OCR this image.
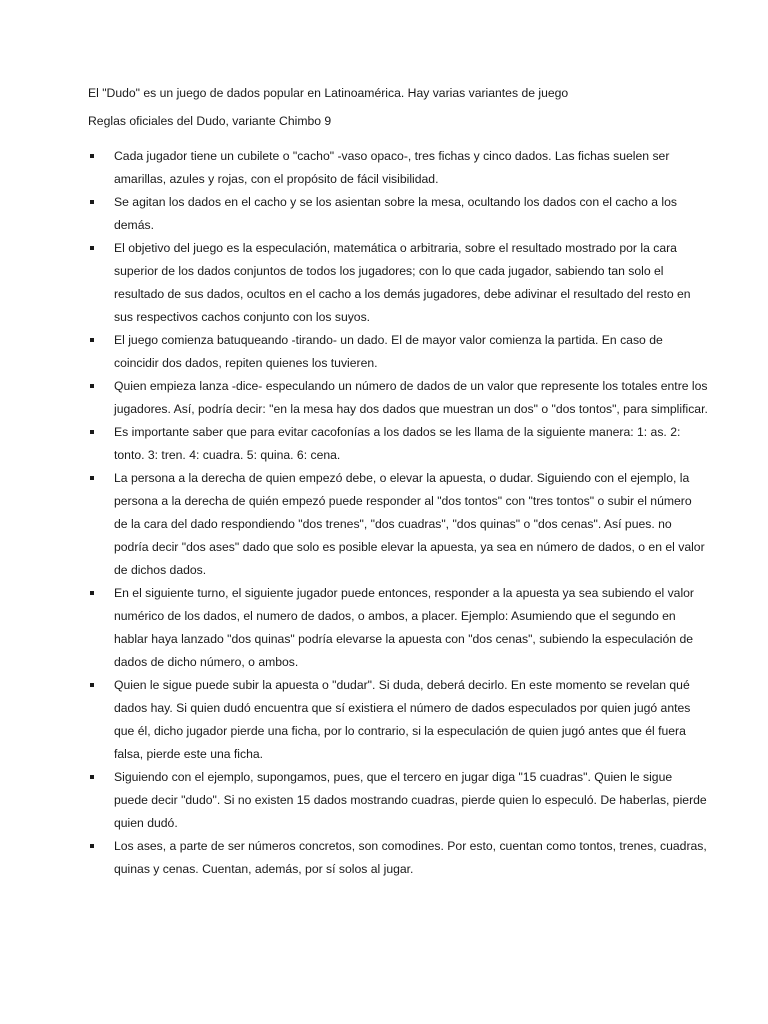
El "Dudo" es un juego de dados popular en Latinoamérica. Hay varias variantes de juego

Reglas oficiales del Dudo, variante Chimbo 9

Cada jugador tiene un cubilete o "cacho" -vaso opaco-, tres fichas y cinco dados. Las fichas suelen ser amarillas, azules y rojas, con el propósito de fácil visibilidad.
Se agitan los dados en el cacho y se los asientan sobre la mesa, ocultando los dados con el cacho a los demás.
El objetivo del juego es la especulación, matemática o arbitraria, sobre el resultado mostrado por la cara superior de los dados conjuntos de todos los jugadores; con lo que cada jugador, sabiendo tan solo el resultado de sus dados, ocultos en el cacho a los demás jugadores, debe adivinar el resultado del resto en sus respectivos cachos conjunto con los suyos.
El juego comienza batuqueando -tirando- un dado. El de mayor valor comienza la partida. En caso de coincidir dos dados, repiten quienes los tuvieren.
Quien empieza lanza -dice- especulando un número de dados de un valor que represente los totales entre los jugadores. Así, podría decir: "en la mesa hay dos dados que muestran un dos" o "dos tontos", para simplificar.
Es importante saber que para evitar cacofonías a los dados se les llama de la siguiente manera: 1: as. 2: tonto. 3: tren. 4: cuadra. 5: quina. 6: cena.
La persona a la derecha de quien empezó debe, o elevar la apuesta, o dudar. Siguiendo con el ejemplo, la persona a la derecha de quién empezó puede responder al "dos tontos" con "tres tontos" o subir el número de la cara del dado respondiendo "dos trenes", "dos cuadras", "dos quinas" o "dos cenas". Así pues. no podría decir "dos ases" dado que solo es posible elevar la apuesta, ya sea en número de dados, o en el valor de dichos dados.
En el siguiente turno, el siguiente jugador puede entonces, responder a la apuesta ya sea subiendo el valor numérico de los dados, el numero de dados, o ambos, a placer. Ejemplo: Asumiendo que el segundo en hablar haya lanzado "dos quinas" podría elevarse la apuesta con "dos cenas", subiendo la especulación de dados de dicho número, o ambos.
Quien le sigue puede subir la apuesta o "dudar". Si duda, deberá decirlo. En este momento se revelan qué dados hay. Si quien dudó encuentra que sí existiera el número de dados especulados por quien jugó antes que él, dicho jugador pierde una ficha, por lo contrario, si la especulación de quien jugó antes que él fuera falsa, pierde este una ficha.
Siguiendo con el ejemplo, supongamos, pues, que el tercero en jugar diga "15 cuadras". Quien le sigue puede decir "dudo". Si no existen 15 dados mostrando cuadras, pierde quien lo especuló. De haberlas, pierde quien dudó.
Los ases, a parte de ser números concretos, son comodines. Por esto, cuentan como tontos, trenes, cuadras, quinas y cenas. Cuentan, además, por sí solos al jugar.
